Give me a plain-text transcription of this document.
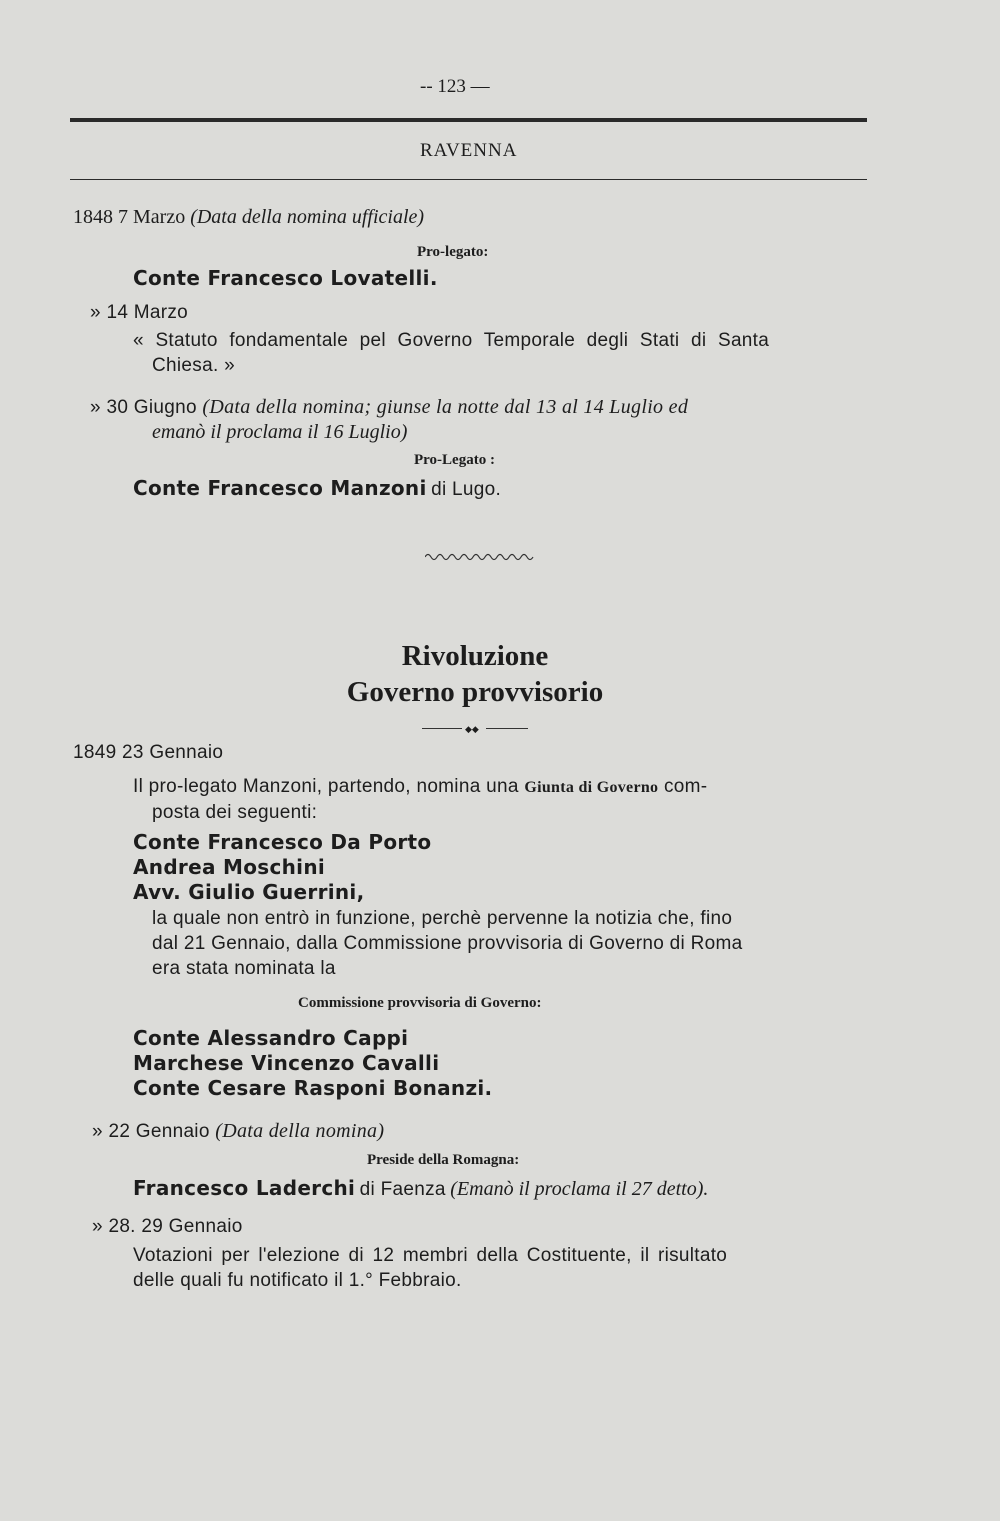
-- 123 —
RAVENNA
1848 7 Marzo (Data della nomina ufficiale)
Pro-legato:
Conte Francesco Lovatelli.
» 14 Marzo
« Statuto fondamentale pel Governo Temporale degli Stati di Santa
Chiesa. »
» 30 Giugno (Data della nomina; giunse la notte dal 13 al 14 Luglio ed
emanò il proclama il 16 Luglio)
Pro-Legato :
Conte Francesco Manzoni di Lugo.
Rivoluzione
Governo provvisorio
◆◆
1849 23 Gennaio
Il pro-legato Manzoni, partendo, nomina una Giunta di Governo com-
posta dei seguenti:
Conte Francesco Da Porto
Andrea Moschini
Avv. Giulio Guerrini,
la quale non entrò in funzione, perchè pervenne la notizia che, fino
dal 21 Gennaio, dalla Commissione provvisoria di Governo di Roma
era stata nominata la
Commissione provvisoria di Governo:
Conte Alessandro Cappi
Marchese Vincenzo Cavalli
Conte Cesare Rasponi Bonanzi.
» 22 Gennaio (Data della nomina)
Preside della Romagna:
Francesco Laderchi di Faenza (Emanò il proclama il 27 detto).
» 28. 29 Gennaio
Votazioni per l'elezione di 12 membri della Costituente, il risultato
delle quali fu notificato il 1.° Febbraio.
